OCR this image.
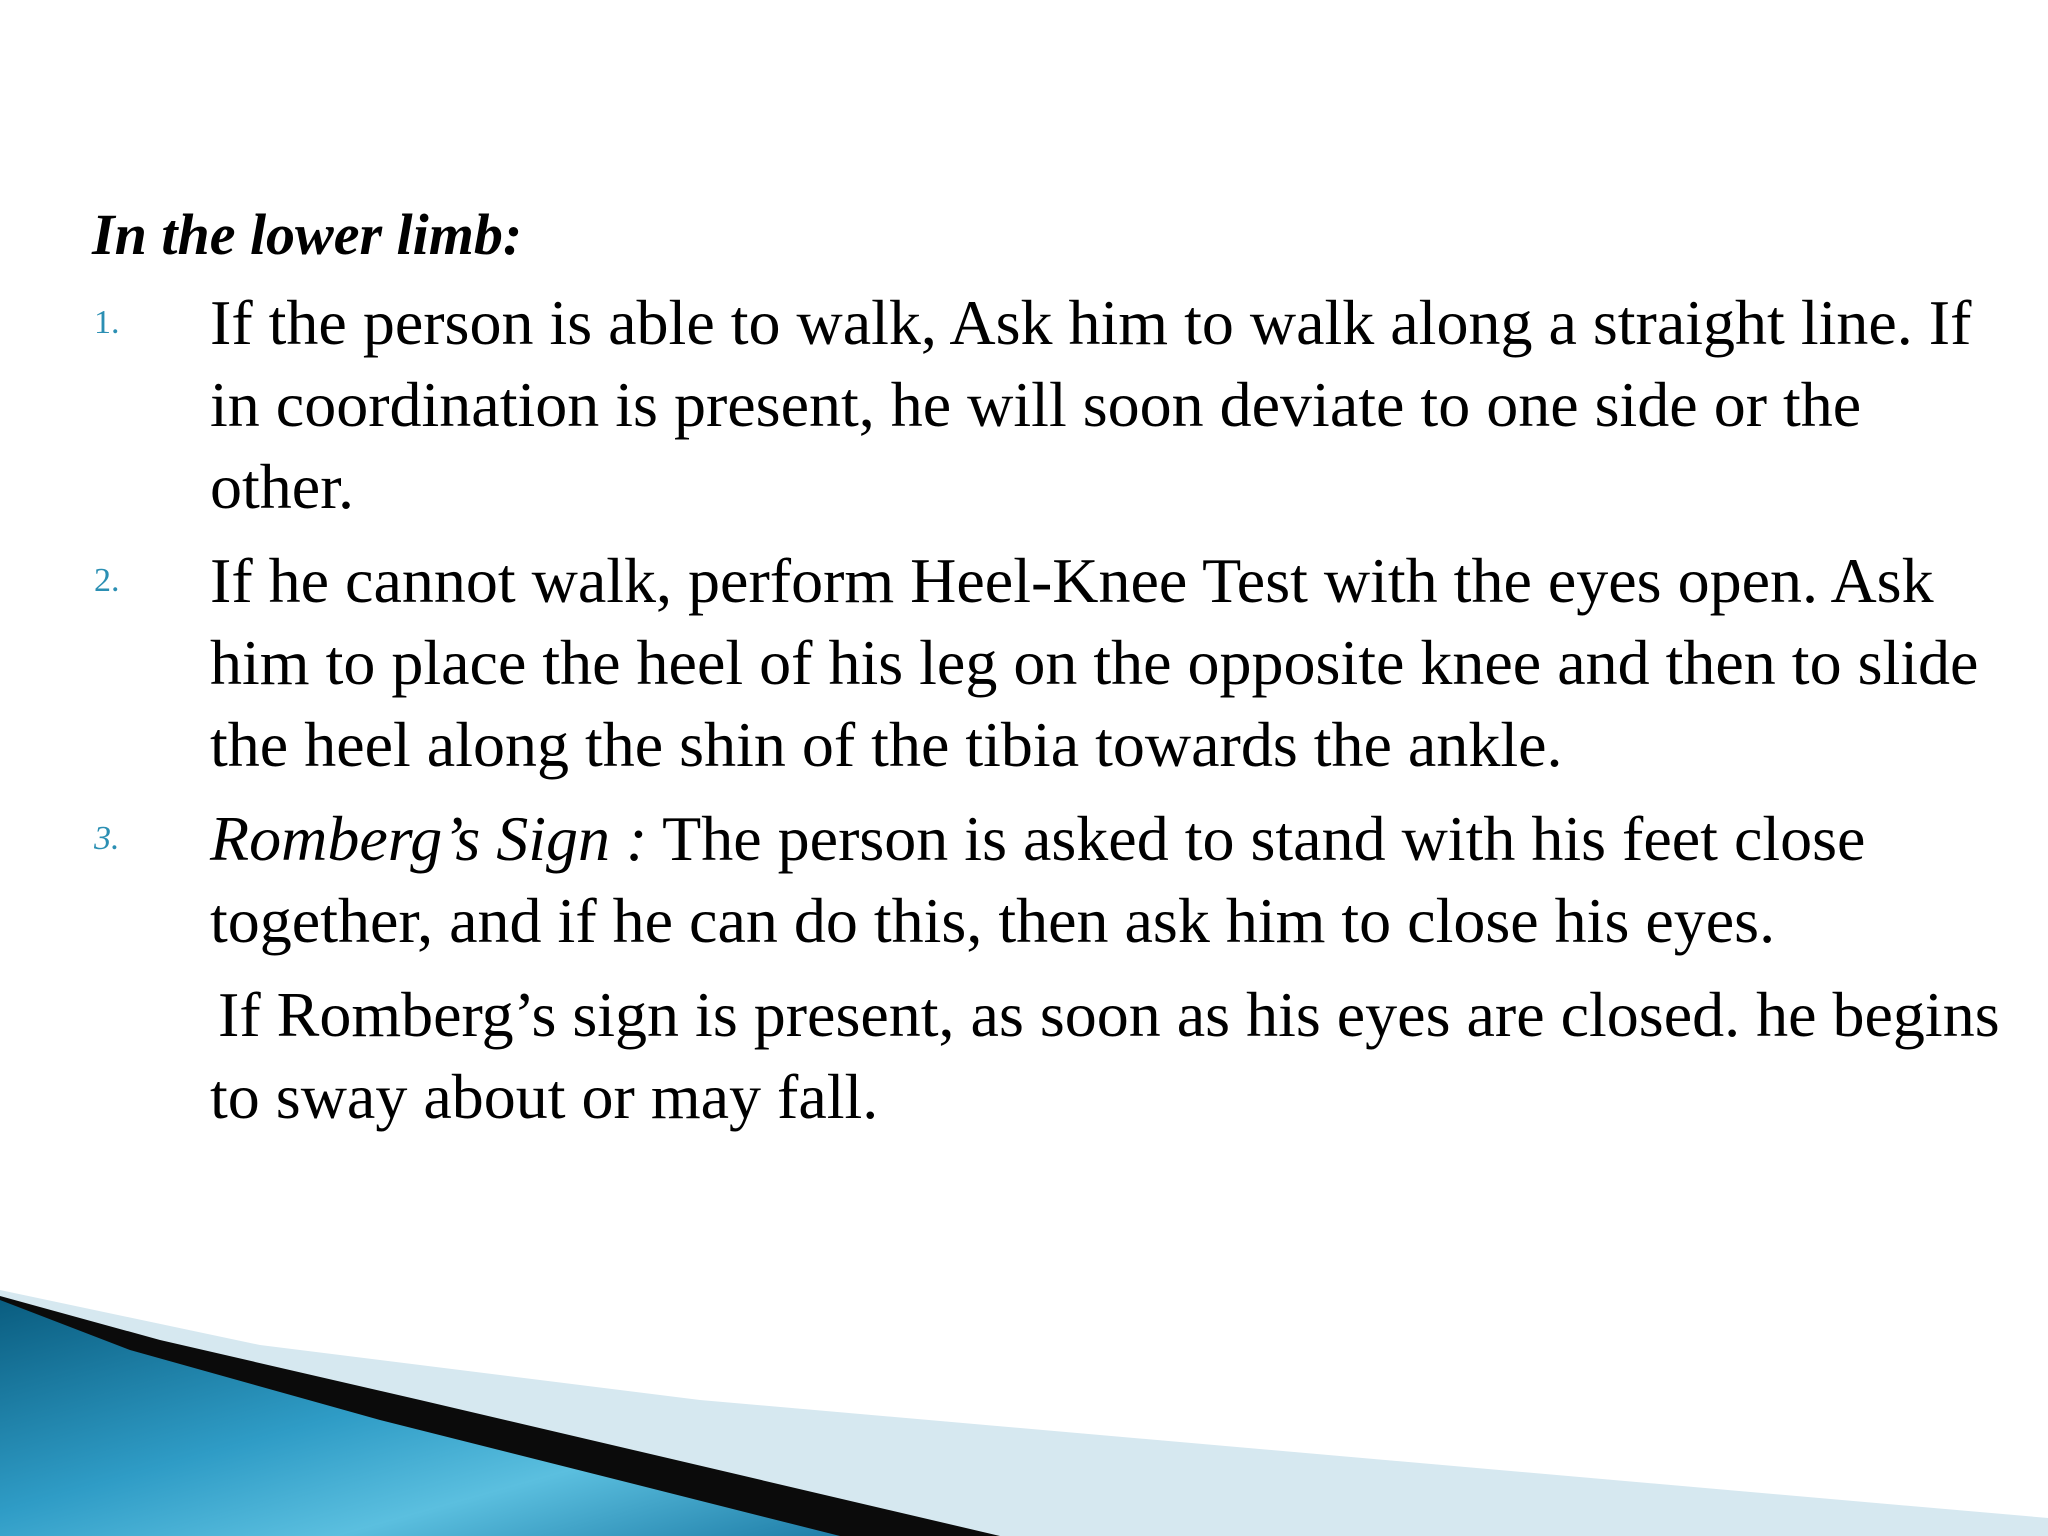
In the lower limb:
1. If the person is able to walk, Ask him to walk along a straight line. If in coordination is present, he will soon deviate to one side or the other.
2. If he cannot walk, perform Heel-Knee Test with the eyes open. Ask him to place the heel of his leg on the opposite knee and then to slide the heel along the shin of the tibia towards the ankle.
3. Romberg’s Sign : The person is asked to stand with his feet close together, and if he can do this, then ask him to close his eyes.
If Romberg’s sign is present, as soon as his eyes are closed. he begins to sway about or may fall.
